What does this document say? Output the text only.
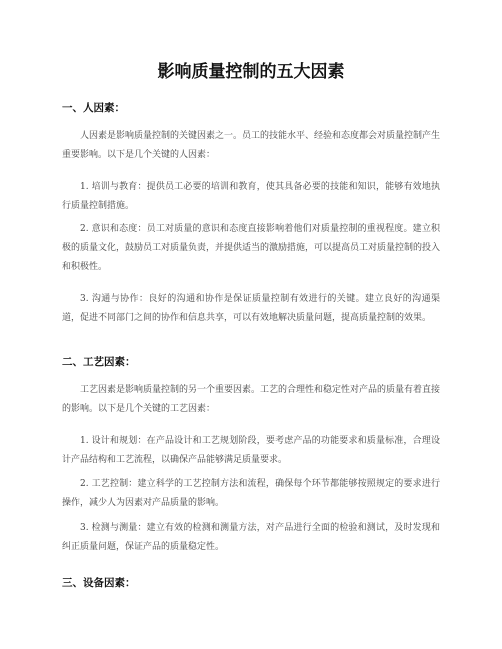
影响质量控制的五大因素
一、人因素：

人因素是影响质量控制的关键因素之一。员工的技能水平、经验和态度都会对质量控制产生重要影响。以下是几个关键的人因素：

1. 培训与教育：提供员工必要的培训和教育，使其具备必要的技能和知识，能够有效地执行质量控制措施。

2. 意识和态度：员工对质量的意识和态度直接影响着他们对质量控制的重视程度。建立积极的质量文化，鼓励员工对质量负责，并提供适当的激励措施，可以提高员工对质量控制的投入和积极性。

3. 沟通与协作：良好的沟通和协作是保证质量控制有效进行的关键。建立良好的沟通渠道，促进不同部门之间的协作和信息共享，可以有效地解决质量问题，提高质量控制的效果。

二、工艺因素：

工艺因素是影响质量控制的另一个重要因素。工艺的合理性和稳定性对产品的质量有着直接的影响。以下是几个关键的工艺因素：

1. 设计和规划：在产品设计和工艺规划阶段，要考虑产品的功能要求和质量标准，合理设计产品结构和工艺流程，以确保产品能够满足质量要求。

2. 工艺控制：建立科学的工艺控制方法和流程，确保每个环节都能够按照规定的要求进行操作，减少人为因素对产品质量的影响。

3. 检测与测量：建立有效的检测和测量方法，对产品进行全面的检验和测试，及时发现和纠正质量问题，保证产品的质量稳定性。

三、设备因素：
